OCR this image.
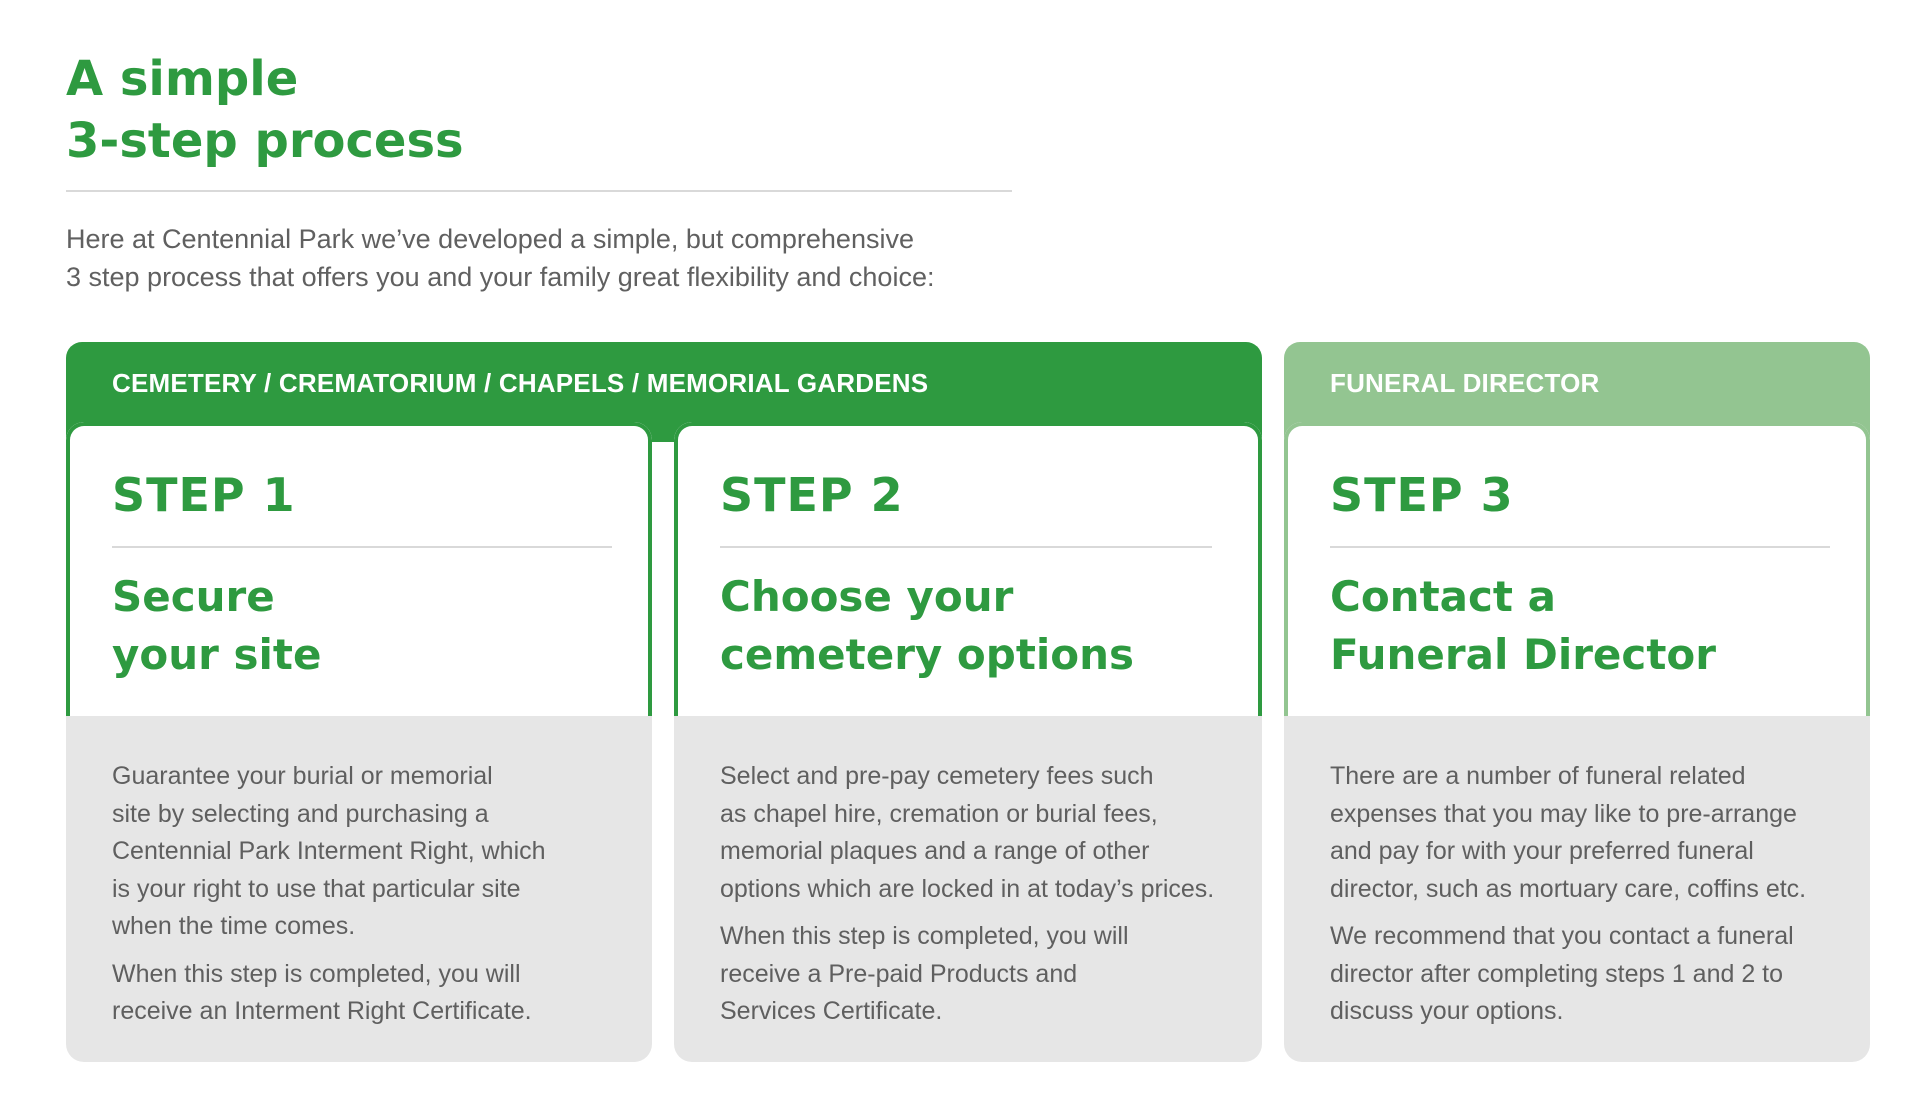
A simple
3-step process
Here at Centennial Park we’ve developed a simple, but comprehensive
3 step process that offers you and your family great flexibility and choice:
CEMETERY / CREMATORIUM / CHAPELS / MEMORIAL GARDENS	FUNERAL DIRECTOR
STEP 1
Secure
your site

Guarantee your burial or memorial
site by selecting and purchasing a
Centennial Park Interment Right, which
is your right to use that particular site
when the time comes.

When this step is completed, you will
receive an Interment Right Certificate.

STEP 2
Choose your
cemetery options

Select and pre-pay cemetery fees such
as chapel hire, cremation or burial fees,
memorial plaques and a range of other
options which are locked in at today’s prices.

When this step is completed, you will
receive a Pre-paid Products and
Services Certificate.

STEP 3
Contact a
Funeral Director

There are a number of funeral related
expenses that you may like to pre-arrange
and pay for with your preferred funeral
director, such as mortuary care, coffins etc.

We recommend that you contact a funeral
director after completing steps 1 and 2 to
discuss your options.
